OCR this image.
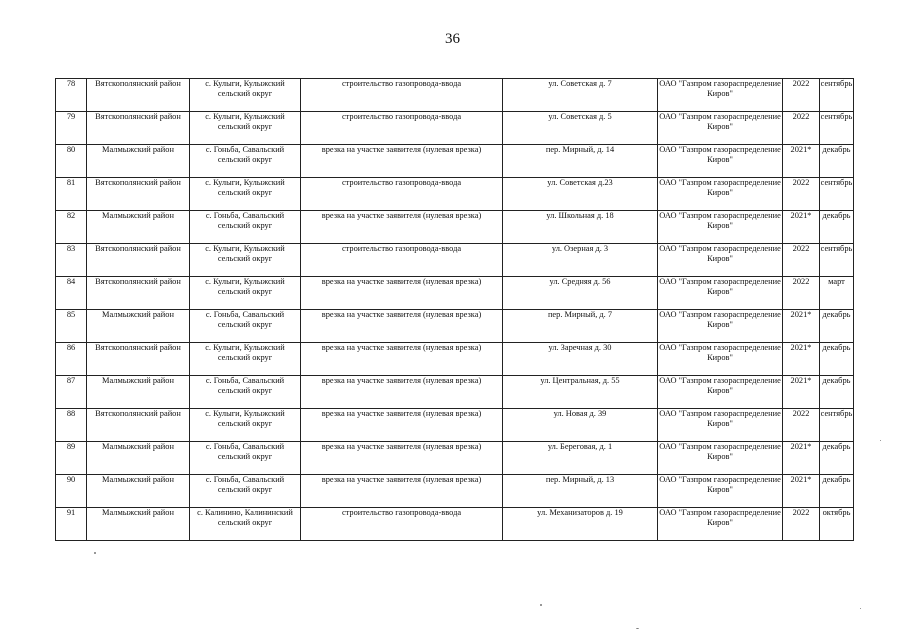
36
78	Вятскополянский район	с. Кулыги, Кулыжский сельский округ	строительство газопровода-ввода	ул. Советская д. 7	ОАО "Газпром газораспределение Киров"	2022	сентябрь
79	Вятскополянский район	с. Кулыги, Кулыжский сельский округ	строительство газопровода-ввода	ул. Советская д. 5	ОАО "Газпром газораспределение Киров"	2022	сентябрь
80	Малмыжский район	с. Гоньба, Савальский сельский округ	врезка на участке заявителя (нулевая врезка)	пер. Мирный, д. 14	ОАО "Газпром газораспределение Киров"	2021*	декабрь
81	Вятскополянский район	с. Кулыги, Кулыжский сельский округ	строительство газопровода-ввода	ул. Советская д.23	ОАО "Газпром газораспределение Киров"	2022	сентябрь
82	Малмыжский район	с. Гоньба, Савальский сельский округ	врезка на участке заявителя (нулевая врезка)	ул. Школьная д. 18	ОАО "Газпром газораспределение Киров"	2021*	декабрь
83	Вятскополянский район	с. Кулыги, Кулыжский сельский округ	строительство газопровода-ввода	ул. Озерная д. 3	ОАО "Газпром газораспределение Киров"	2022	сентябрь
84	Вятскополянский район	с. Кулыги, Кулыжский сельский округ	врезка на участке заявителя (нулевая врезка)	ул. Средняя д. 56	ОАО "Газпром газораспределение Киров"	2022	март
85	Малмыжский район	с. Гоньба, Савальский сельский округ	врезка на участке заявителя (нулевая врезка)	пер. Мирный, д. 7	ОАО "Газпром газораспределение Киров"	2021*	декабрь
86	Вятскополянский район	с. Кулыги, Кулыжский сельский округ	врезка на участке заявителя (нулевая врезка)	ул. Заречная д. 30	ОАО "Газпром газораспределение Киров"	2021*	декабрь
87	Малмыжский район	с. Гоньба, Савальский сельский округ	врезка на участке заявителя (нулевая врезка)	ул. Центральная, д. 55	ОАО "Газпром газораспределение Киров"	2021*	декабрь
88	Вятскополянский район	с. Кулыги, Кулыжский сельский округ	врезка на участке заявителя (нулевая врезка)	ул. Новая д. 39	ОАО "Газпром газораспределение Киров"	2022	сентябрь
89	Малмыжский район	с. Гоньба, Савальский сельский округ	врезка на участке заявителя (нулевая врезка)	ул. Береговая, д. 1	ОАО "Газпром газораспределение Киров"	2021*	декабрь
90	Малмыжский район	с. Гоньба, Савальский сельский округ	врезка на участке заявителя (нулевая врезка)	пер. Мирный, д. 13	ОАО "Газпром газораспределение Киров"	2021*	декабрь
91	Малмыжский район	с. Калинино, Калининский сельский округ	строительство газопровода-ввода	ул. Механизаторов д. 19	ОАО "Газпром газораспределение Киров"	2022	октябрь
